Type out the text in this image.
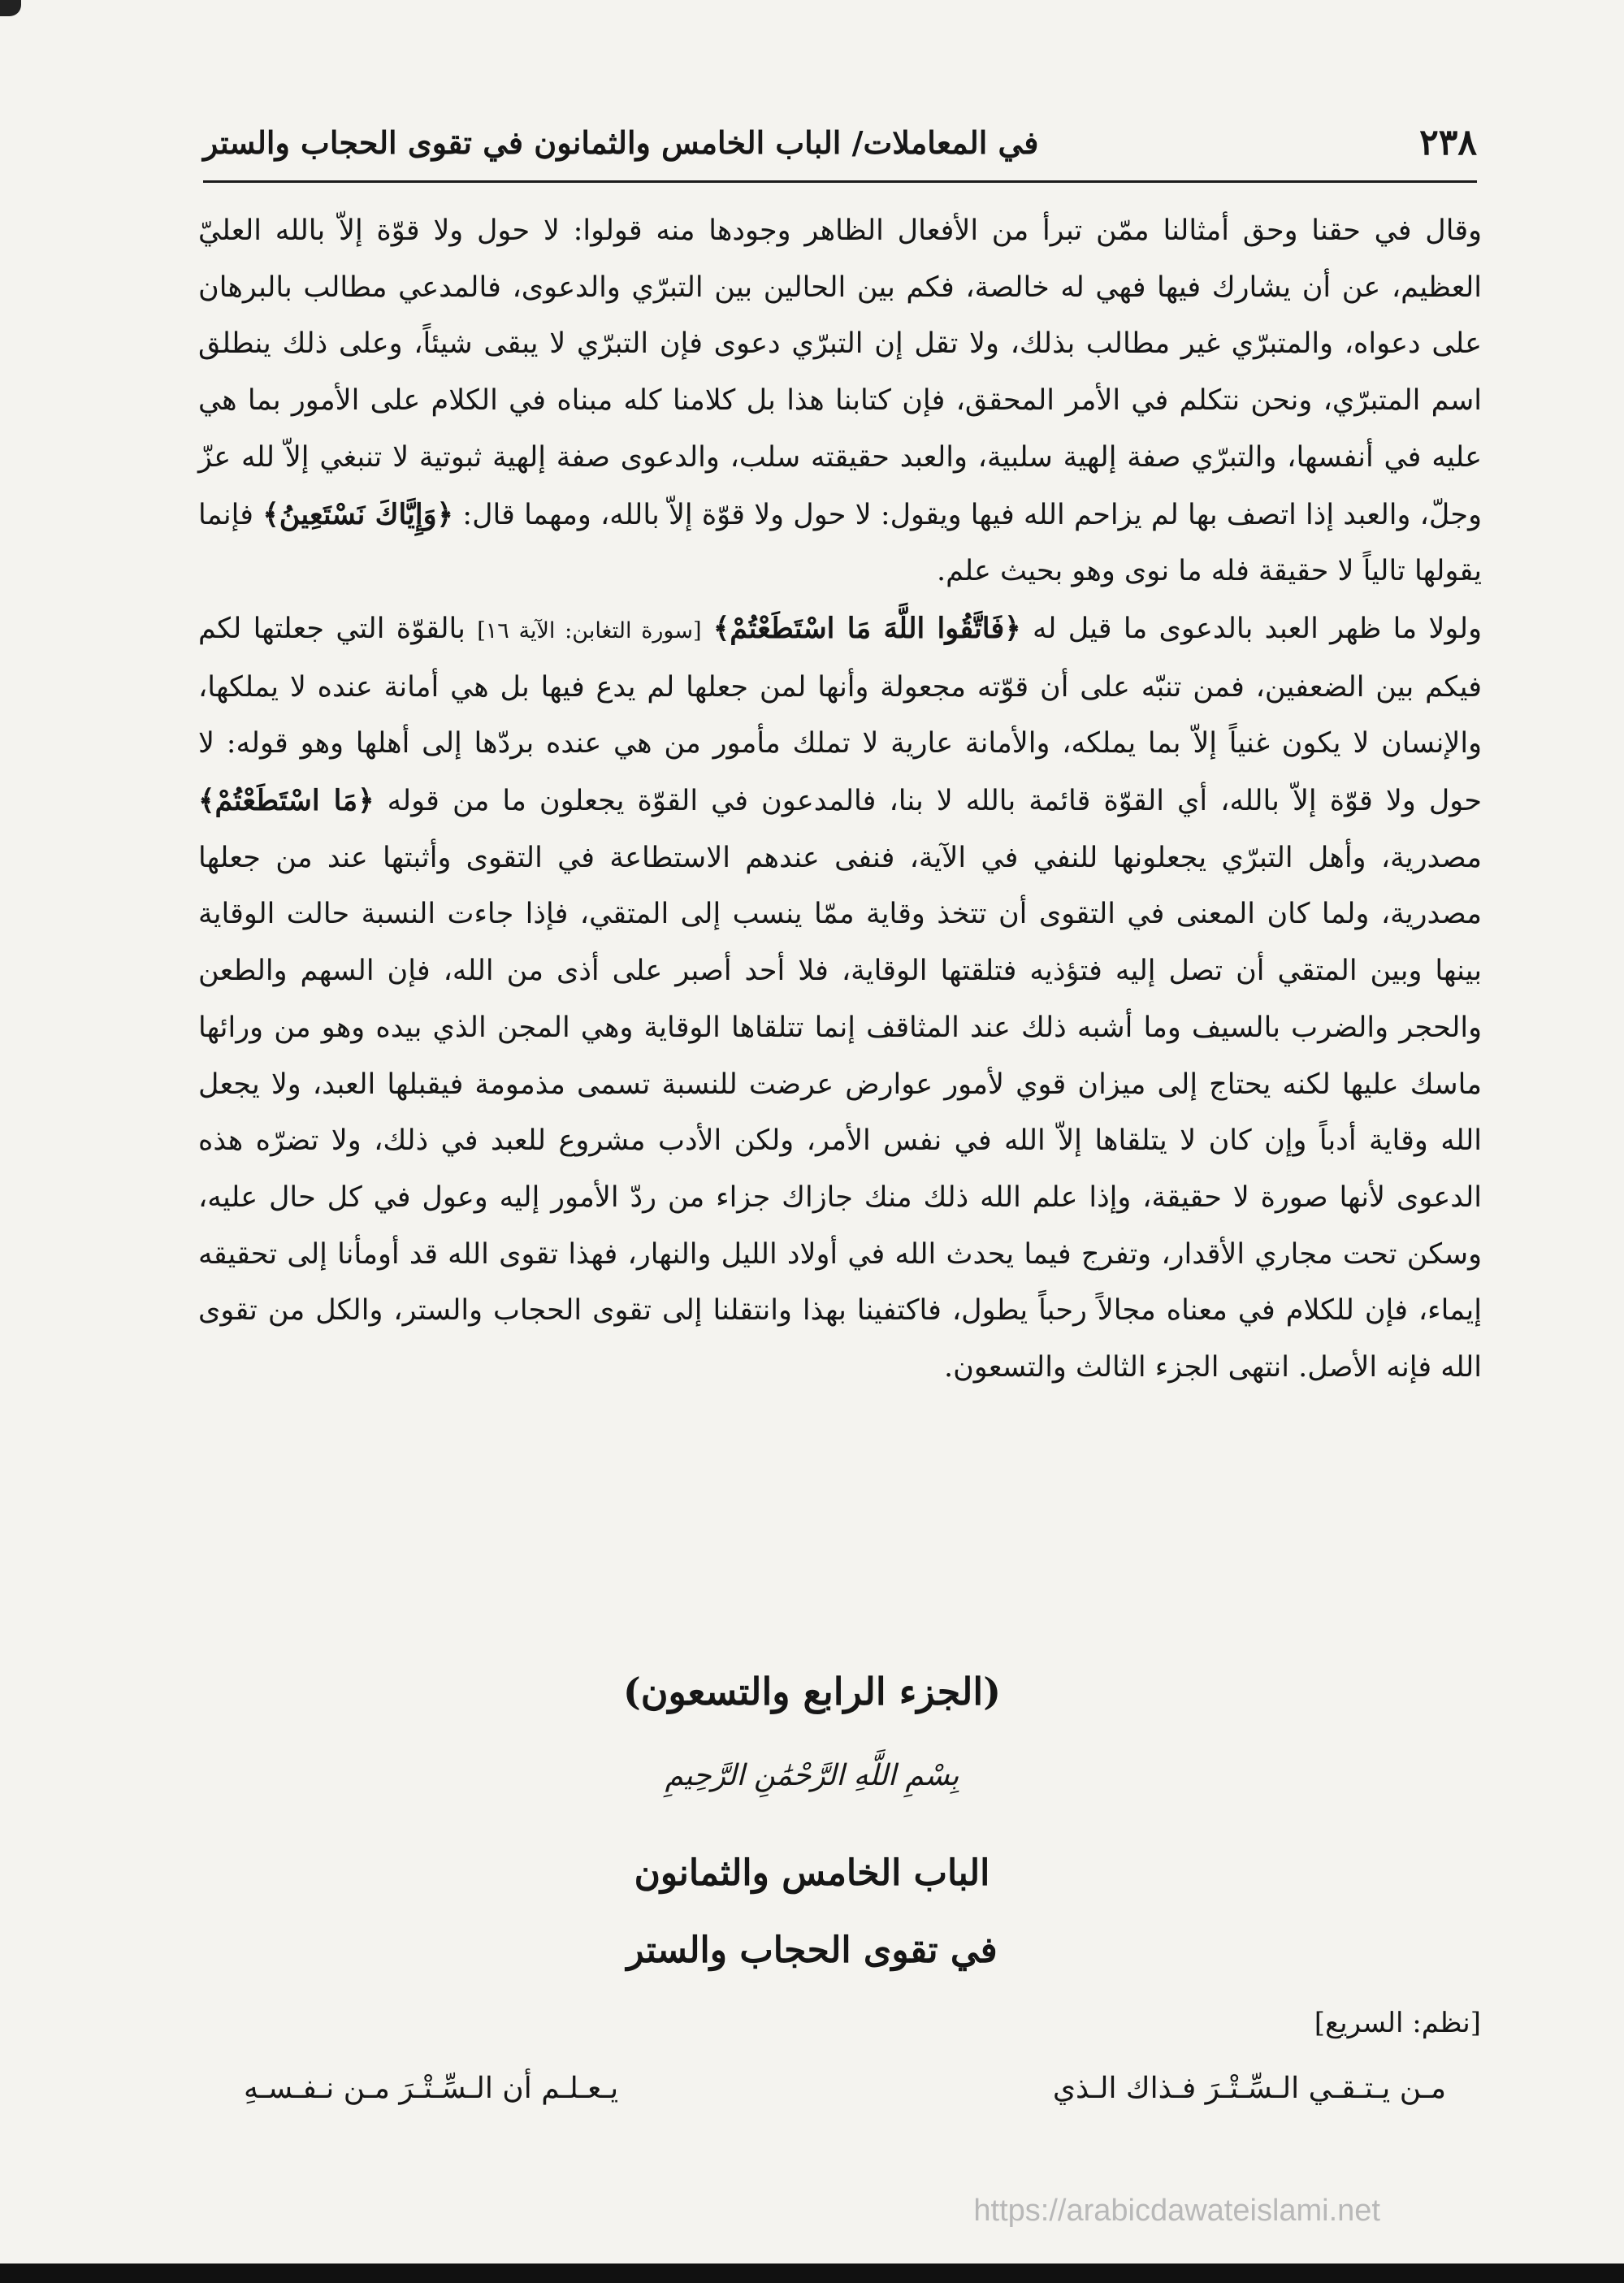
٢٣٨
في المعاملات/ الباب الخامس والثمانون في تقوى الحجاب والستر

وقال في حقنا وحق أمثالنا ممّن تبرأ من الأفعال الظاهر وجودها منه قولوا: لا حول ولا قوّة إلاّ بالله العليّ العظيم، عن أن يشارك فيها فهي له خالصة، فكم بين الحالين بين التبرّي والدعوى، فالمدعي مطالب بالبرهان على دعواه، والمتبرّي غير مطالب بذلك، ولا تقل إن التبرّي دعوى فإن التبرّي لا يبقى شيئاً، وعلى ذلك ينطلق اسم المتبرّي، ونحن نتكلم في الأمر المحقق، فإن كتابنا هذا بل كلامنا كله مبناه في الكلام على الأمور بما هي عليه في أنفسها، والتبرّي صفة إلهية سلبية، والعبد حقيقته سلب، والدعوى صفة إلهية ثبوتية لا تنبغي إلاّ لله عزّ وجلّ، والعبد إذا اتصف بها لم يزاحم الله فيها ويقول: لا حول ولا قوّة إلاّ بالله، ومهما قال: ﴿وَإِيَّاكَ نَسْتَعِينُ﴾ فإنما يقولها تالياً لا حقيقة فله ما نوى وهو بحيث علم.

ولولا ما ظهر العبد بالدعوى ما قيل له ﴿فَاتَّقُوا اللَّهَ مَا اسْتَطَعْتُمْ﴾ [سورة التغابن: الآية ١٦] بالقوّة التي جعلتها لكم فيكم بين الضعفين، فمن تنبّه على أن قوّته مجعولة وأنها لمن جعلها لم يدع فيها بل هي أمانة عنده لا يملكها، والإنسان لا يكون غنياً إلاّ بما يملكه، والأمانة عارية لا تملك مأمور من هي عنده بردّها إلى أهلها وهو قوله: لا حول ولا قوّة إلاّ بالله، أي القوّة قائمة بالله لا بنا، فالمدعون في القوّة يجعلون ما من قوله ﴿مَا اسْتَطَعْتُمْ﴾ مصدرية، وأهل التبرّي يجعلونها للنفي في الآية، فنفى عندهم الاستطاعة في التقوى وأثبتها عند من جعلها مصدرية، ولما كان المعنى في التقوى أن تتخذ وقاية ممّا ينسب إلى المتقي، فإذا جاءت النسبة حالت الوقاية بينها وبين المتقي أن تصل إليه فتؤذيه فتلقتها الوقاية، فلا أحد أصبر على أذى من الله، فإن السهم والطعن والحجر والضرب بالسيف وما أشبه ذلك عند المثاقف إنما تتلقاها الوقاية وهي المجن الذي بيده وهو من ورائها ماسك عليها لكنه يحتاج إلى ميزان قوي لأمور عوارض عرضت للنسبة تسمى مذمومة فيقبلها العبد، ولا يجعل الله وقاية أدباً وإن كان لا يتلقاها إلاّ الله في نفس الأمر، ولكن الأدب مشروع للعبد في ذلك، ولا تضرّه هذه الدعوى لأنها صورة لا حقيقة، وإذا علم الله ذلك منك جازاك جزاء من ردّ الأمور إليه وعول في كل حال عليه، وسكن تحت مجاري الأقدار، وتفرج فيما يحدث الله في أولاد الليل والنهار، فهذا تقوى الله قد أومأنا إلى تحقيقه إيماء، فإن للكلام في معناه مجالاً رحباً يطول، فاكتفينا بهذا وانتقلنا إلى تقوى الحجاب والستر، والكل من تقوى الله فإنه الأصل. انتهى الجزء الثالث والتسعون.

(الجزء الرابع والتسعون)
بِسْمِ اللَّهِ الرَّحْمَٰنِ الرَّحِيمِ
الباب الخامس والثمانون
في تقوى الحجاب والستر
[نظم: السريع]
مـن يـتـقـي الـسِّـتْـرَ فـذاك الـذي
يـعـلـم أن الـسِّـتْـرَ مـن نـفـسـهِ
https://arabicdawateislami.net
